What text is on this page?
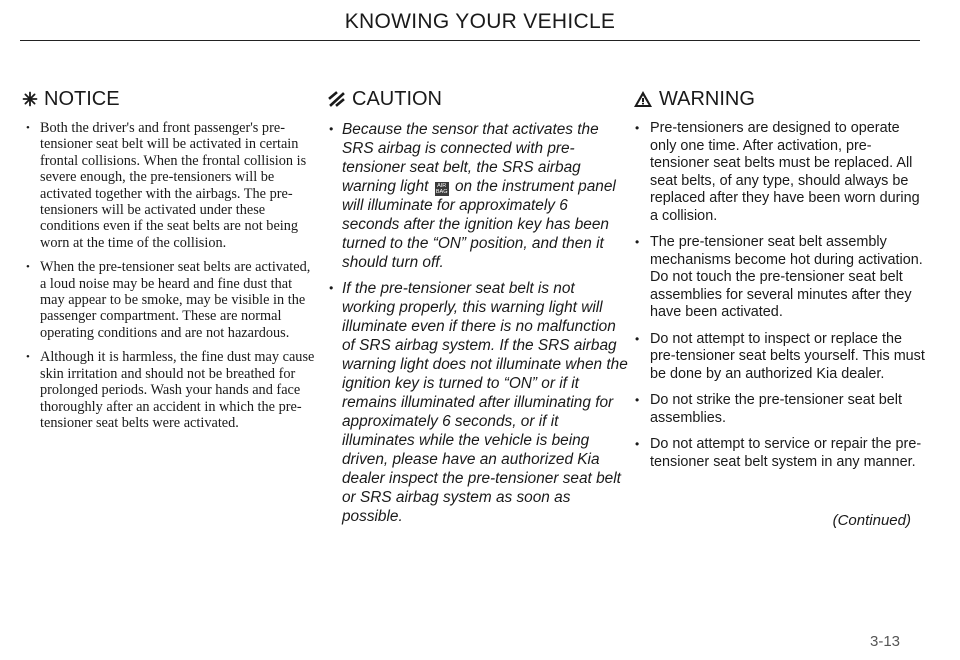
KNOWING YOUR VEHICLE
NOTICE
• Both the driver's and front passenger's pre-tensioner seat belt will be activated in certain frontal collisions. When the frontal collision is severe enough, the pre-tensioners will be activated together with the airbags. The pre-tensioners will be activated under these conditions even if the seat belts are not being worn at the time of the collision.
• When the pre-tensioner seat belts are activated, a loud noise may be heard and fine dust that may appear to be smoke, may be visible in the passenger compartment. These are normal operating conditions and are not hazardous.
• Although it is harmless, the fine dust may cause skin irritation and should not be breathed for prolonged periods. Wash your hands and face thoroughly after an accident in which the pre-tensioner seat belts were activated.
CAUTION
• Because the sensor that activates the SRS airbag is connected with pre-tensioner seat belt, the SRS airbag warning light AIR
BAG on the instrument panel will illuminate for approximately 6 seconds after the ignition key has been turned to the “ON” position, and then it should turn off.
• If the pre-tensioner seat belt is not working properly, this warning light will illuminate even if there is no malfunction of SRS airbag system. If the SRS airbag warning light does not illuminate when the ignition key is turned to “ON” or if it remains illuminated after illuminating for approximately 6 seconds, or if it illuminates while the vehicle is being driven, please have an authorized Kia dealer inspect the pre-tensioner seat belt or SRS airbag system as soon as possible.
WARNING
• Pre-tensioners are designed to operate only one time. After activation, pre-tensioner seat belts must be replaced. All seat belts, of any type, should always be replaced after they have been worn during a collision.
• The pre-tensioner seat belt assembly mechanisms become hot during activation. Do not touch the pre-tensioner seat belt assemblies for several minutes after they have been activated.
• Do not attempt to inspect or replace the pre-tensioner seat belts yourself. This must be done by an authorized Kia dealer.
• Do not strike the pre-tensioner seat belt assemblies.
• Do not attempt to service or repair the pre-tensioner seat belt system in any manner.
(Continued)
3-13
